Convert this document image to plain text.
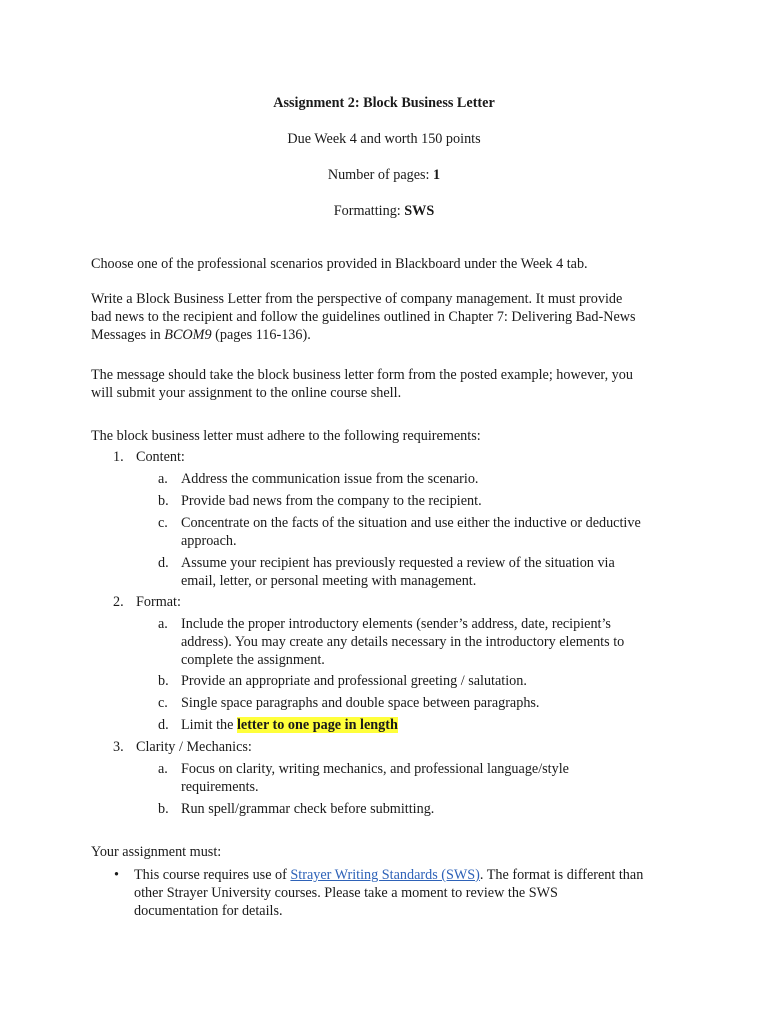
Assignment 2: Block Business Letter
Due Week 4 and worth 150 points
Number of pages: 1
Formatting: SWS
Choose one of the professional scenarios provided in Blackboard under the Week 4 tab.
Write a Block Business Letter from the perspective of company management. It must provide
bad news to the recipient and follow the guidelines outlined in Chapter 7: Delivering Bad-News
Messages in BCOM9 (pages 116-136).
The message should take the block business letter form from the posted example; however, you
will submit your assignment to the online course shell.
The block business letter must adhere to the following requirements:
1. Content:
a. Address the communication issue from the scenario.
b. Provide bad news from the company to the recipient.
c. Concentrate on the facts of the situation and use either the inductive or deductive
approach.
d. Assume your recipient has previously requested a review of the situation via
email, letter, or personal meeting with management.
2. Format:
a. Include the proper introductory elements (sender’s address, date, recipient’s
address). You may create any details necessary in the introductory elements to
complete the assignment.
b. Provide an appropriate and professional greeting / salutation.
c. Single space paragraphs and double space between paragraphs.
d. Limit the letter to one page in length
3. Clarity / Mechanics:
a. Focus on clarity, writing mechanics, and professional language/style
requirements.
b. Run spell/grammar check before submitting.
Your assignment must:
• This course requires use of Strayer Writing Standards (SWS). The format is different than
other Strayer University courses. Please take a moment to review the SWS
documentation for details.
